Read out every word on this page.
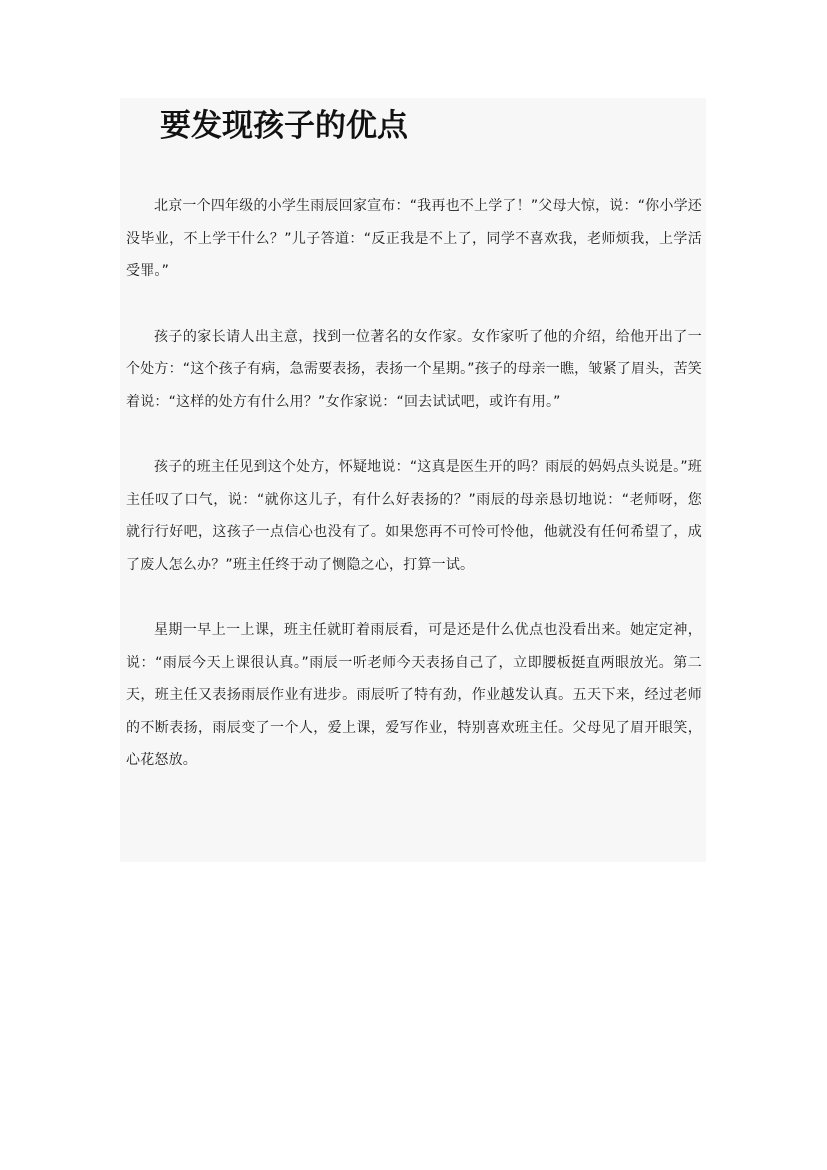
要发现孩子的优点

北京一个四年级的小学生雨辰回家宣布：“我再也不上学了！”父母大惊，说：“你小学还没毕业，不上学干什么？”儿子答道：“反正我是不上了，同学不喜欢我，老师烦我，上学活受罪。”

孩子的家长请人出主意，找到一位著名的女作家。女作家听了他的介绍，给他开出了一个处方：“这个孩子有病，急需要表扬，表扬一个星期。”孩子的母亲一瞧，皱紧了眉头，苦笑着说：“这样的处方有什么用？”女作家说：“回去试试吧，或许有用。”

孩子的班主任见到这个处方，怀疑地说：“这真是医生开的吗？雨辰的妈妈点头说是。”班主任叹了口气，说：“就你这儿子，有什么好表扬的？”雨辰的母亲恳切地说：“老师呀，您就行行好吧，这孩子一点信心也没有了。如果您再不可怜可怜他，他就没有任何希望了，成了废人怎么办？”班主任终于动了恻隐之心，打算一试。

星期一早上一上课，班主任就盯着雨辰看，可是还是什么优点也没看出来。她定定神，说：“雨辰今天上课很认真。”雨辰一听老师今天表扬自己了，立即腰板挺直两眼放光。第二天，班主任又表扬雨辰作业有进步。雨辰听了特有劲，作业越发认真。五天下来，经过老师的不断表扬，雨辰变了一个人，爱上课，爱写作业，特别喜欢班主任。父母见了眉开眼笑，心花怒放。
